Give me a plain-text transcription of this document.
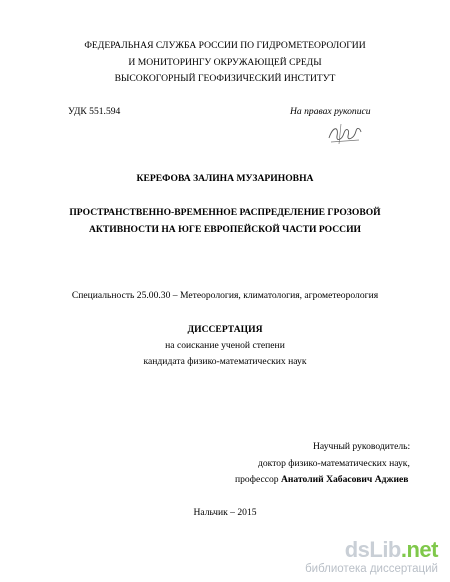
ФЕДЕРАЛЬНАЯ СЛУЖБА РОССИИ ПО ГИДРОМЕТЕОРОЛОГИИ
И МОНИТОРИНГУ ОКРУЖАЮЩЕЙ СРЕДЫ
ВЫСОКОГОРНЫЙ ГЕОФИЗИЧЕСКИЙ ИНСТИТУТ
УДК 551.594	На правах рукописи
КЕРЕФОВА ЗАЛИНА МУЗАРИНОВНА
ПРОСТРАНСТВЕННО-ВРЕМЕННОЕ РАСПРЕДЕЛЕНИЕ ГРОЗОВОЙ
АКТИВНОСТИ НА ЮГЕ ЕВРОПЕЙСКОЙ ЧАСТИ РОССИИ
Специальность 25.00.30 – Метеорология, климатология, агрометеорология
ДИССЕРТАЦИЯ
на соискание ученой степени
кандидата физико-математических наук
Научный руководитель:
доктор физико-математических наук,
профессор Анатолий Хабасович Аджиев
Нальчик – 2015
dsLib.net
библиотека диссертаций
